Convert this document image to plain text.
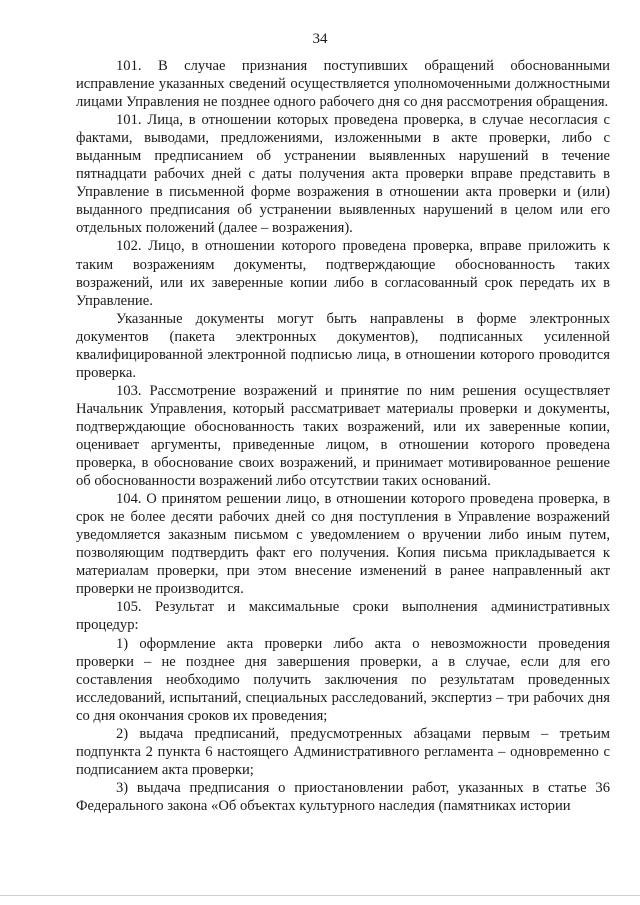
34

101. В случае признания поступивших обращений обоснованными исправление указанных сведений осуществляется уполномоченными должностными лицами Управления не позднее одного рабочего дня со дня рассмотрения обращения.

101. Лица, в отношении которых проведена проверка, в случае несогласия с фактами, выводами, предложениями, изложенными в акте проверки, либо с выданным предписанием об устранении выявленных нарушений в течение пятнадцати рабочих дней с даты получения акта проверки вправе представить в Управление в письменной форме возражения в отношении акта проверки и (или) выданного предписания об устранении выявленных нарушений в целом или его отдельных положений (далее – возражения).

102. Лицо, в отношении которого проведена проверка, вправе приложить к таким возражениям документы, подтверждающие обоснованность таких возражений, или их заверенные копии либо в согласованный срок передать их в Управление.

Указанные документы могут быть направлены в форме электронных документов (пакета электронных документов), подписанных усиленной квалифицированной электронной подписью лица, в отношении которого проводится проверка.

103. Рассмотрение возражений и принятие по ним решения осуществляет Начальник Управления, который рассматривает материалы проверки и документы, подтверждающие обоснованность таких возражений, или их заверенные копии, оценивает аргументы, приведенные лицом, в отношении которого проведена проверка, в обоснование своих возражений, и принимает мотивированное решение об обоснованности возражений либо отсутствии таких оснований.

104. О принятом решении лицо, в отношении которого проведена проверка, в срок не более десяти рабочих дней со дня поступления в Управление возражений уведомляется заказным письмом с уведомлением о вручении либо иным путем, позволяющим подтвердить факт его получения. Копия письма прикладывается к материалам проверки, при этом внесение изменений в ранее направленный акт проверки не производится.

105. Результат и максимальные сроки выполнения административных процедур:

1) оформление акта проверки либо акта о невозможности проведения проверки – не позднее дня завершения проверки, а в случае, если для его составления необходимо получить заключения по результатам проведенных исследований, испытаний, специальных расследований, экспертиз – три рабочих дня со дня окончания сроков их проведения;

2) выдача предписаний, предусмотренных абзацами первым – третьим подпункта 2 пункта 6 настоящего Административного регламента – одновременно с подписанием акта проверки;

3) выдача предписания о приостановлении работ, указанных в статье 36 Федерального закона «Об объектах культурного наследия (памятниках истории
